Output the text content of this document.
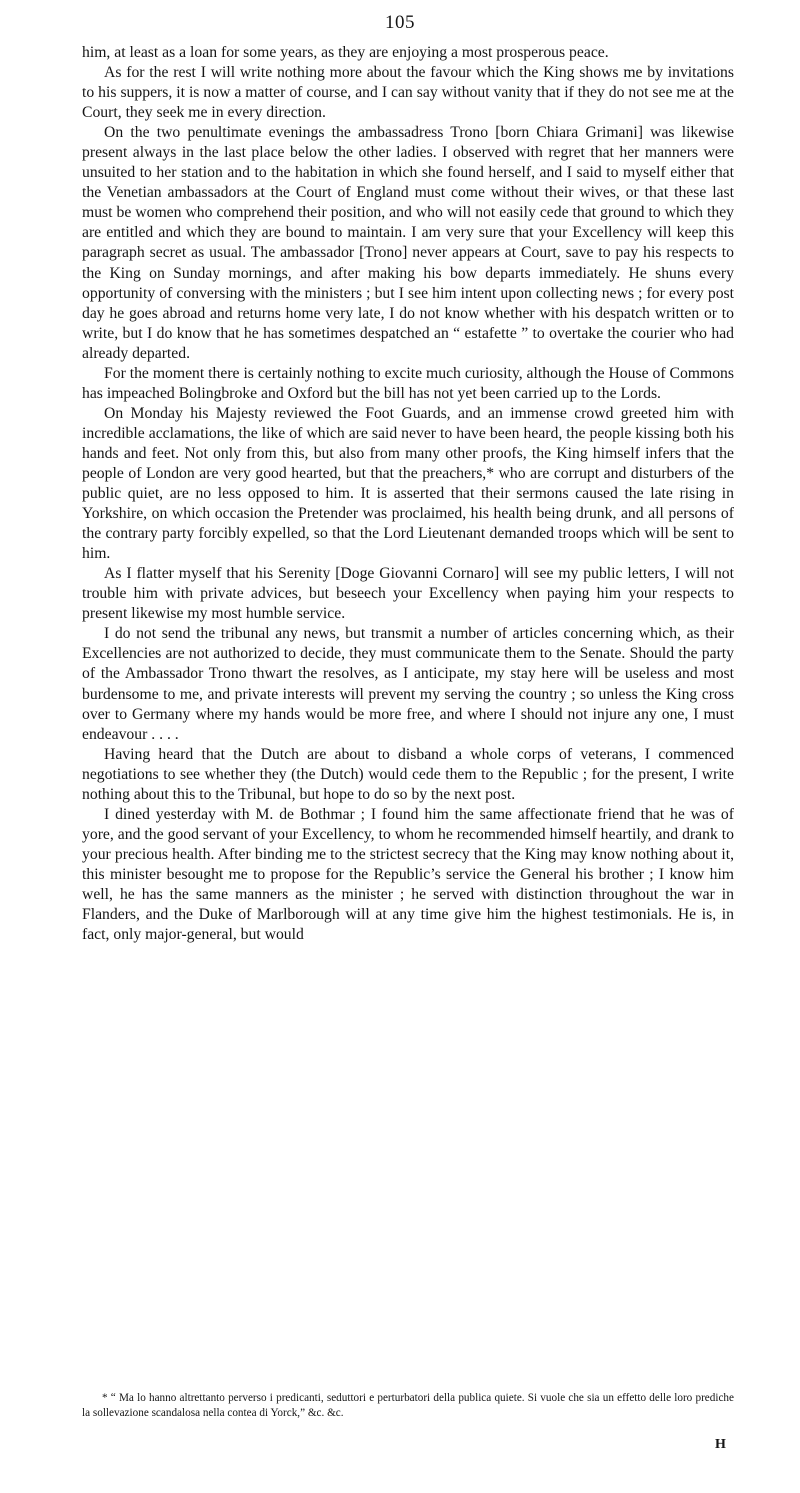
105

him, at least as a loan for some years, as they are enjoying a most prosperous peace.

As for the rest I will write nothing more about the favour which the King shows me by invitations to his suppers, it is now a matter of course, and I can say without vanity that if they do not see me at the Court, they seek me in every direction.

On the two penultimate evenings the ambassadress Trono [born Chiara Grimani] was likewise present always in the last place below the other ladies. I observed with regret that her manners were unsuited to her station and to the habitation in which she found herself, and I said to myself either that the Venetian ambassadors at the Court of England must come without their wives, or that these last must be women who comprehend their position, and who will not easily cede that ground to which they are entitled and which they are bound to maintain. I am very sure that your Excellency will keep this paragraph secret as usual. The ambassador [Trono] never appears at Court, save to pay his respects to the King on Sunday mornings, and after making his bow departs immediately. He shuns every opportunity of conversing with the ministers ; but I see him intent upon collecting news ; for every post day he goes abroad and returns home very late, I do not know whether with his despatch written or to write, but I do know that he has sometimes despatched an “ estafette ” to overtake the courier who had already departed.

For the moment there is certainly nothing to excite much curiosity, although the House of Commons has impeached Bolingbroke and Oxford but the bill has not yet been carried up to the Lords.

On Monday his Majesty reviewed the Foot Guards, and an immense crowd greeted him with incredible acclamations, the like of which are said never to have been heard, the people kissing both his hands and feet. Not only from this, but also from many other proofs, the King himself infers that the people of London are very good hearted, but that the preachers,* who are corrupt and disturbers of the public quiet, are no less opposed to him. It is asserted that their sermons caused the late rising in Yorkshire, on which occasion the Pretender was proclaimed, his health being drunk, and all persons of the contrary party forcibly expelled, so that the Lord Lieutenant demanded troops which will be sent to him.

As I flatter myself that his Serenity [Doge Giovanni Cornaro] will see my public letters, I will not trouble him with private advices, but beseech your Excellency when paying him your respects to present likewise my most humble service.

I do not send the tribunal any news, but transmit a number of articles concerning which, as their Excellencies are not authorized to decide, they must communicate them to the Senate. Should the party of the Ambassador Trono thwart the resolves, as I anticipate, my stay here will be useless and most burdensome to me, and private interests will prevent my serving the country ; so unless the King cross over to Germany where my hands would be more free, and where I should not injure any one, I must endeavour . . . .

Having heard that the Dutch are about to disband a whole corps of veterans, I commenced negotiations to see whether they (the Dutch) would cede them to the Republic ; for the present, I write nothing about this to the Tribunal, but hope to do so by the next post.

I dined yesterday with M. de Bothmar ; I found him the same affectionate friend that he was of yore, and the good servant of your Excellency, to whom he recommended himself heartily, and drank to your precious health. After binding me to the strictest secrecy that the King may know nothing about it, this minister besought me to propose for the Republic’s service the General his brother ; I know him well, he has the same manners as the minister ; he served with distinction throughout the war in Flanders, and the Duke of Marlborough will at any time give him the highest testimonials. He is, in fact, only major-general, but would

* “ Ma lo hanno altrettanto perverso i predicanti, seduttori e perturbatori della publica quiete. Si vuole che sia un effetto delle loro prediche la sollevazione scandalosa nella contea di Yorck,” &c. &c.

H
